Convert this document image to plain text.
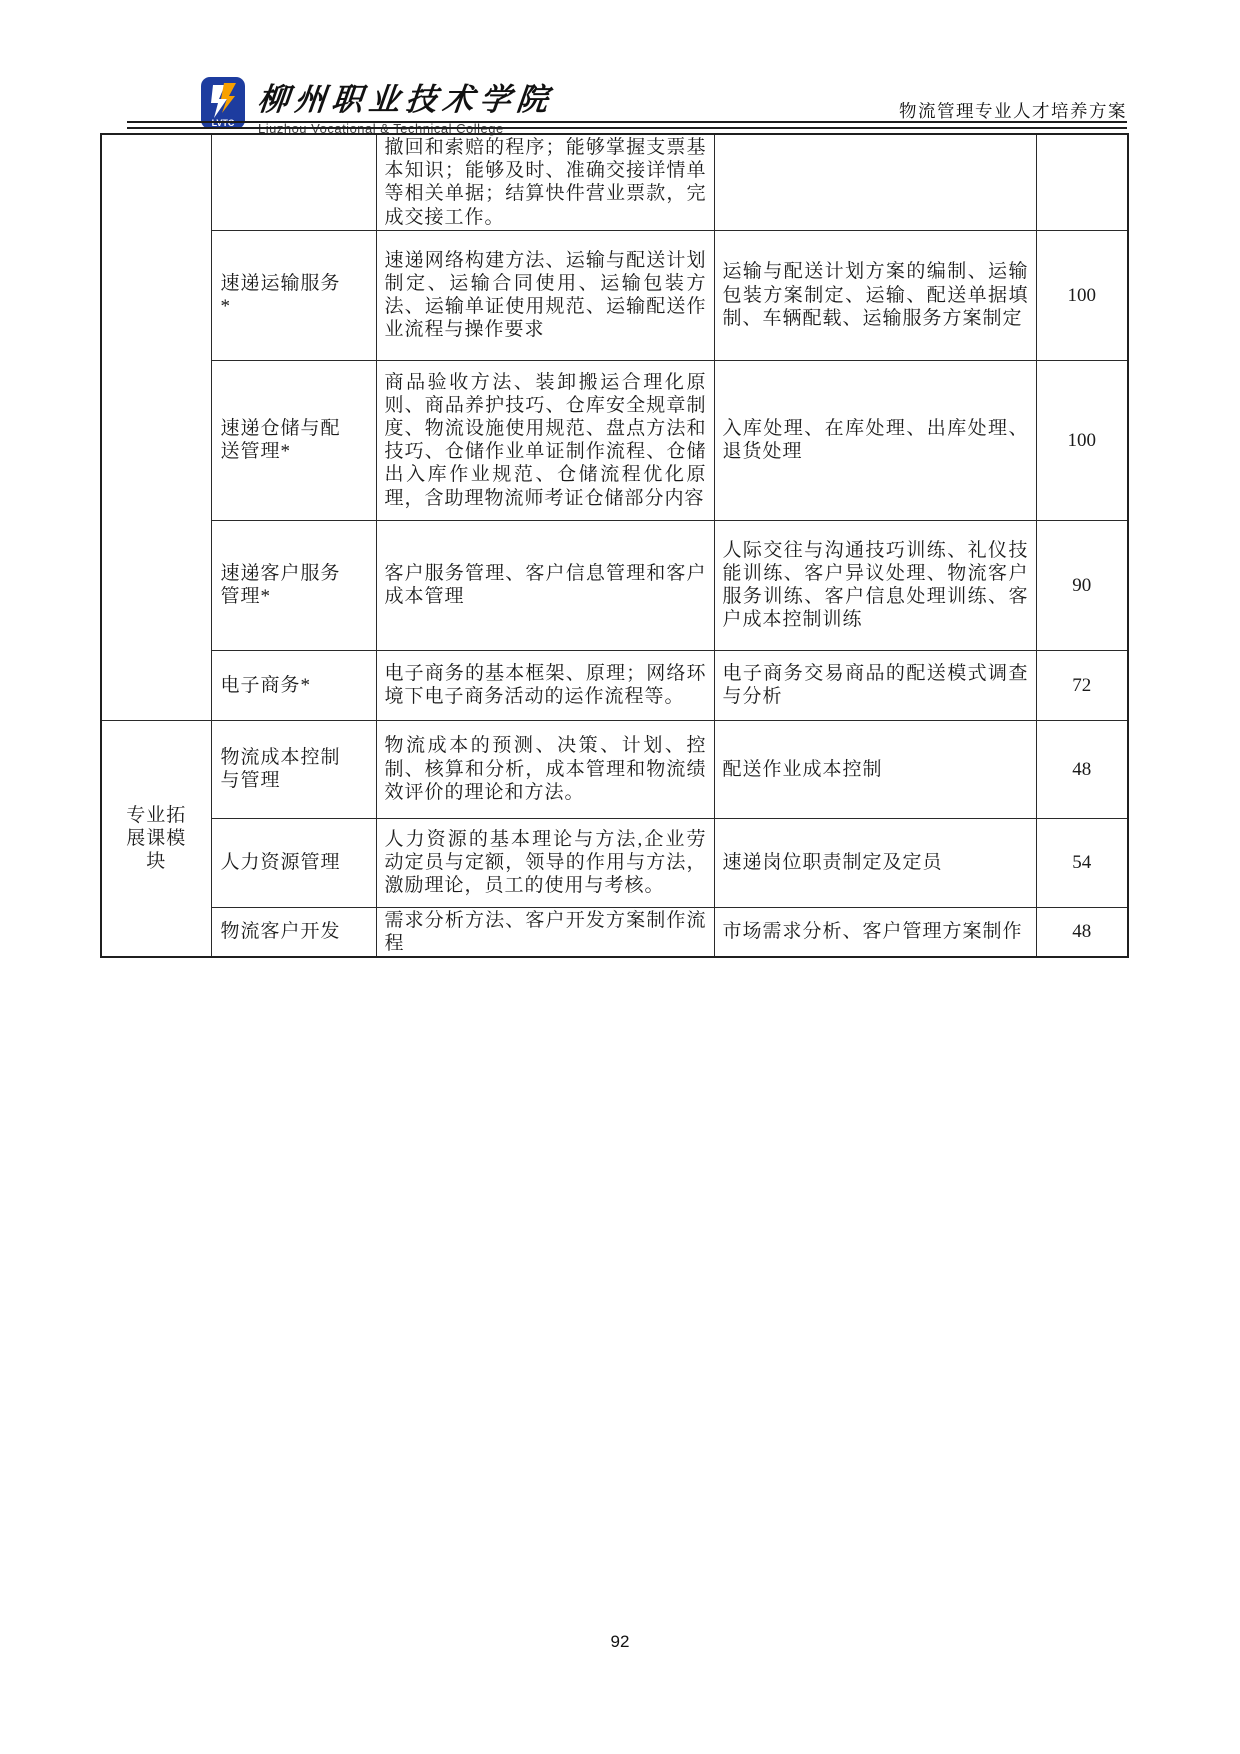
LVTC
柳州职业技术学院
Liuzhou Vocational & Technical College
物流管理专业人才培养方案
		撤回和索赔的程序；能够掌握支票基本知识；能够及时、准确交接详情单等相关单据；结算快件营业票款，完成交接工作。		
	速递运输服务*	速递网络构建方法、运输与配送计划制定、运输合同使用、运输包装方法、运输单证使用规范、运输配送作业流程与操作要求	运输与配送计划方案的编制、运输包装方案制定、运输、配送单据填制、车辆配载、运输服务方案制定	100
	速递仓储与配送管理*	商品验收方法、装卸搬运合理化原则、商品养护技巧、仓库安全规章制度、物流设施使用规范、盘点方法和技巧、仓储作业单证制作流程、仓储出入库作业规范、仓储流程优化原理，含助理物流师考证仓储部分内容	入库处理、在库处理、出库处理、退货处理	100
	速递客户服务管理*	客户服务管理、客户信息管理和客户成本管理	人际交往与沟通技巧训练、礼仪技能训练、客户异议处理、物流客户服务训练、客户信息处理训练、客户成本控制训练	90
	电子商务*	电子商务的基本框架、原理；网络环境下电子商务活动的运作流程等。	电子商务交易商品的配送模式调查与分析	72
专业拓展课模块	物流成本控制与管理	物流成本的预测、决策、计划、控制、核算和分析，成本管理和物流绩效评价的理论和方法。	配送作业成本控制	48
	人力资源管理	人力资源的基本理论与方法,企业劳动定员与定额，领导的作用与方法，激励理论，员工的使用与考核。	速递岗位职责制定及定员	54
	物流客户开发	需求分析方法、客户开发方案制作流程	市场需求分析、客户管理方案制作	48
92
